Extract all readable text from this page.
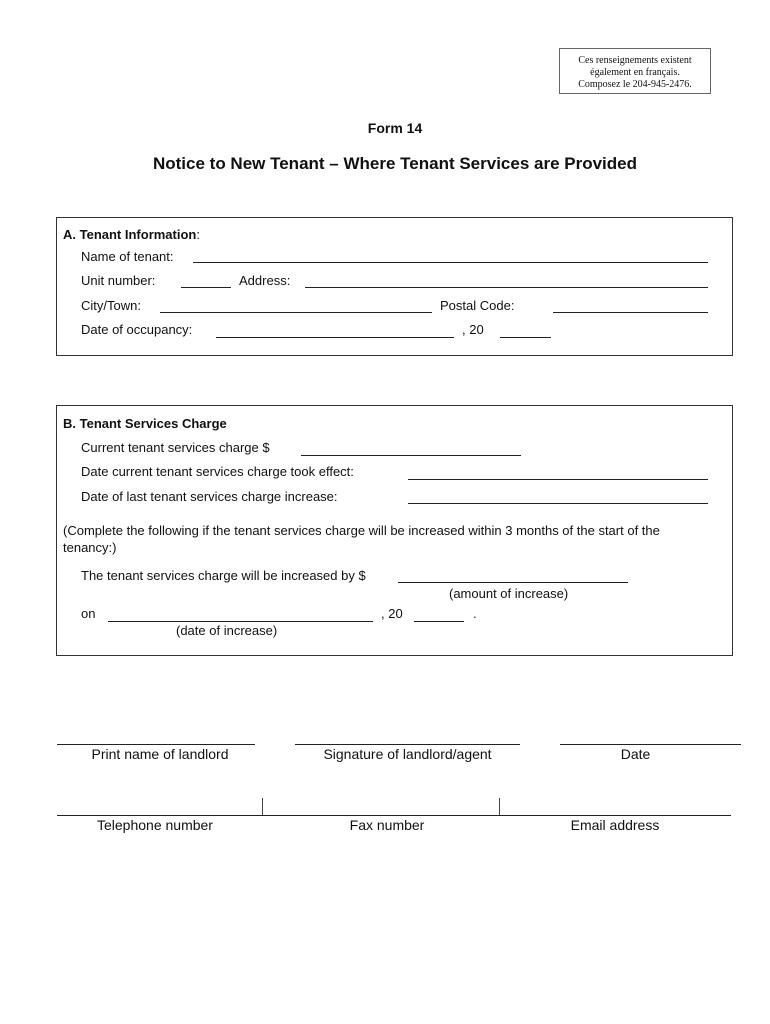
Ces renseignements existent
également en français.
Composez le 204-945-2476.
Form 14
Notice to New Tenant – Where Tenant Services are Provided
A. Tenant Information:
Name of tenant:
Unit number:	Address:
City/Town:	Postal Code:
Date of occupancy:	, 20
B. Tenant Services Charge
Current tenant services charge $
Date current tenant services charge took effect:
Date of last tenant services charge increase:
(Complete the following if the tenant services charge will be increased within 3 months of the start of the tenancy:)
The tenant services charge will be increased by $
(amount of increase)
on	, 20	.
(date of increase)
Print name of landlord	Signature of landlord/agent	Date
Telephone number	Fax number	Email address
